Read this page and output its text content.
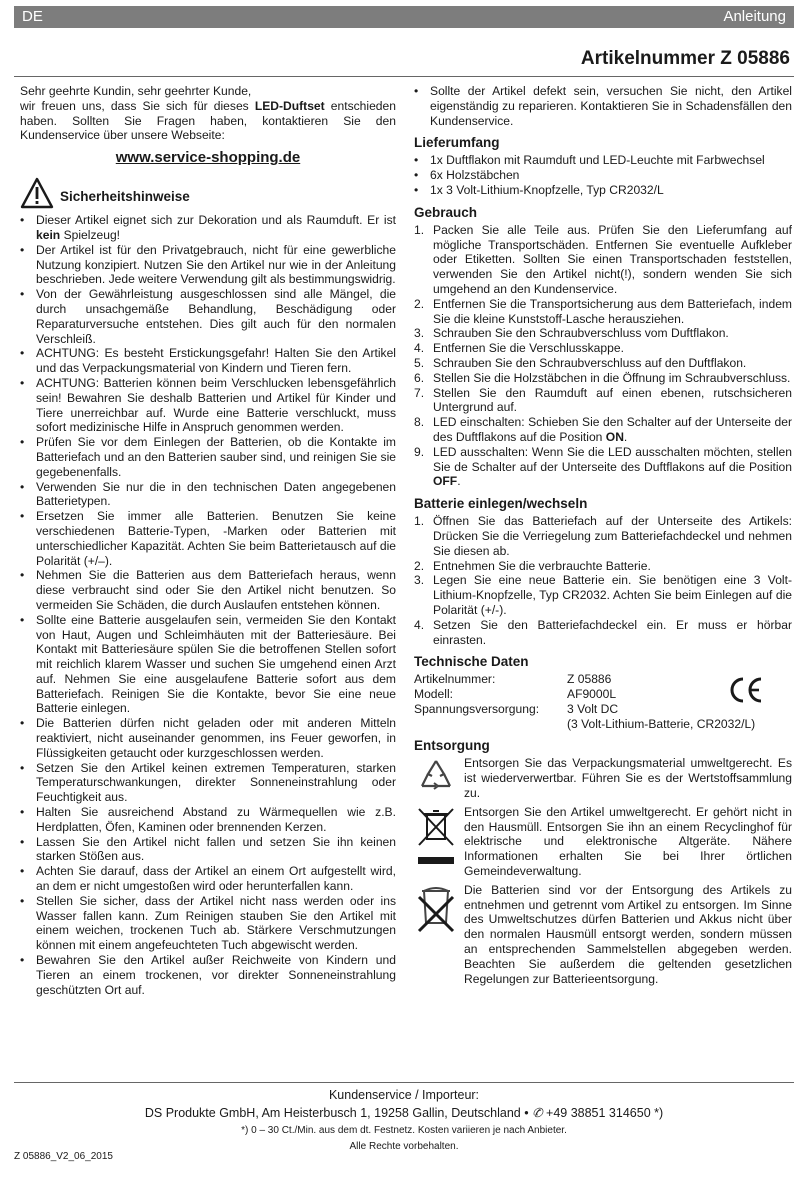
DE	Anleitung
Artikelnummer Z 05886

Sehr geehrte Kundin, sehr geehrter Kunde,

wir freuen uns, dass Sie sich für dieses LED-Duftset entschieden haben. Sollten Sie Fragen haben, kontaktieren Sie den Kundenservice über unsere Webseite:

www.service-shopping.de
Sicherheitshinweise
• Dieser Artikel eignet sich zur Dekoration und als Raumduft. Er ist kein Spielzeug!
• Der Artikel ist für den Privatgebrauch, nicht für eine gewerbliche Nutzung konzipiert. Nutzen Sie den Artikel nur wie in der Anleitung beschrieben. Jede weitere Verwendung gilt als bestimmungswidrig.
• Von der Gewährleistung ausgeschlossen sind alle Mängel, die durch unsachgemäße Behandlung, Beschädigung oder Reparaturversuche entstehen. Dies gilt auch für den normalen Verschleiß.
• ACHTUNG: Es besteht Erstickungsgefahr! Halten Sie den Artikel und das Verpackungsmaterial von Kindern und Tieren fern.
• ACHTUNG: Batterien können beim Verschlucken lebensgefährlich sein! Bewahren Sie deshalb Batterien und Artikel für Kinder und Tiere unerreichbar auf. Wurde eine Batterie verschluckt, muss sofort medizinische Hilfe in Anspruch genommen werden.
• Prüfen Sie vor dem Einlegen der Batterien, ob die Kontakte im Batteriefach und an den Batterien sauber sind, und reinigen Sie sie gegebenenfalls.
• Verwenden Sie nur die in den technischen Daten angegebenen Batterietypen.
• Ersetzen Sie immer alle Batterien. Benutzen Sie keine verschiedenen Batterie-Typen, -Marken oder Batterien mit unterschiedlicher Kapazität. Achten Sie beim Batterietausch auf die Polarität (+/–).
• Nehmen Sie die Batterien aus dem Batteriefach heraus, wenn diese verbraucht sind oder Sie den Artikel nicht benutzen. So vermeiden Sie Schäden, die durch Auslaufen entstehen können.
• Sollte eine Batterie ausgelaufen sein, vermeiden Sie den Kontakt von Haut, Augen und Schleimhäuten mit der Batteriesäure. Bei Kontakt mit Batteriesäure spülen Sie die betroffenen Stellen sofort mit reichlich klarem Wasser und suchen Sie umgehend einen Arzt auf. Nehmen Sie eine ausgelaufene Batterie sofort aus dem Batteriefach. Reinigen Sie die Kontakte, bevor Sie eine neue Batterie einlegen.
• Die Batterien dürfen nicht geladen oder mit anderen Mitteln reaktiviert, nicht auseinander genommen, ins Feuer geworfen, in Flüssigkeiten getaucht oder kurzgeschlossen werden.
• Setzen Sie den Artikel keinen extremen Temperaturen, starken Temperaturschwankungen, direkter Sonneneinstrahlung oder Feuchtigkeit aus.
• Halten Sie ausreichend Abstand zu Wärmequellen wie z.B. Herdplatten, Öfen, Kaminen oder brennenden Kerzen.
• Lassen Sie den Artikel nicht fallen und setzen Sie ihn keinen starken Stößen aus.
• Achten Sie darauf, dass der Artikel an einem Ort aufgestellt wird, an dem er nicht umgestoßen wird oder herunterfallen kann.
• Stellen Sie sicher, dass der Artikel nicht nass werden oder ins Wasser fallen kann. Zum Reinigen stauben Sie den Artikel mit einem weichen, trockenen Tuch ab. Stärkere Verschmutzungen können mit einem angefeuchteten Tuch abgewischt werden.
• Bewahren Sie den Artikel außer Reichweite von Kindern und Tieren an einem trockenen, vor direkter Sonneneinstrahlung geschützten Ort auf.
• Sollte der Artikel defekt sein, versuchen Sie nicht, den Artikel eigenständig zu reparieren. Kontaktieren Sie in Schadensfällen den Kundenservice.
Lieferumfang
• 1x Duftflakon mit Raumduft und LED-Leuchte mit Farbwechsel
• 6x Holzstäbchen
• 1x 3 Volt-Lithium-Knopfzelle, Typ CR2032/L
Gebrauch
1. Packen Sie alle Teile aus. Prüfen Sie den Lieferumfang auf mögliche Transportschäden. Entfernen Sie eventuelle Aufkleber oder Etiketten. Sollten Sie einen Transportschaden feststellen, verwenden Sie den Artikel nicht(!), sondern wenden Sie sich umgehend an den Kundenservice.
2. Entfernen Sie die Transportsicherung aus dem Batteriefach, indem Sie die kleine Kunststoff-Lasche herausziehen.
3. Schrauben Sie den Schraubverschluss vom Duftflakon.
4. Entfernen Sie die Verschlusskappe.
5. Schrauben Sie den Schraubverschluss auf den Duftflakon.
6. Stellen Sie die Holzstäbchen in die Öffnung im Schraubverschluss.
7. Stellen Sie den Raumduft auf einen ebenen, rutschsicheren Untergrund auf.
8. LED einschalten: Schieben Sie den Schalter auf der Unterseite der des Duftflakons auf die Position ON.
9. LED ausschalten: Wenn Sie die LED ausschalten möchten, stellen Sie de Schalter auf der Unterseite des Duftflakons auf die Position OFF.
Batterie einlegen/wechseln
1. Öffnen Sie das Batteriefach auf der Unterseite des Artikels: Drücken Sie die Verriegelung zum Batteriefachdeckel und nehmen Sie diesen ab.
2. Entnehmen Sie die verbrauchte Batterie.
3. Legen Sie eine neue Batterie ein. Sie benötigen eine 3 Volt-Lithium-Knopfzelle, Typ CR2032. Achten Sie beim Einlegen auf die Polarität (+/-).
4. Setzen Sie den Batteriefachdeckel ein. Er muss er hörbar einrasten.
Technische Daten
Artikelnummer:	Z 05886
Modell:	AF9000L
Spannungsversorgung:	3 Volt DC
(3 Volt-Lithium-Batterie, CR2032/L)
Entsorgung

Entsorgen Sie das Verpackungsmaterial umweltgerecht. Es ist wiederverwertbar. Führen Sie es der Wertstoffsammlung zu.

Entsorgen Sie den Artikel umweltgerecht. Er gehört nicht in den Hausmüll. Entsorgen Sie ihn an einem Recyclinghof für elektrische und elektronische Altgeräte. Nähere Informationen erhalten Sie bei Ihrer örtlichen Gemeindeverwaltung.

Die Batterien sind vor der Entsorgung des Artikels zu entnehmen und getrennt vom Artikel zu entsorgen. Im Sinne des Umweltschutzes dürfen Batterien und Akkus nicht über den normalen Hausmüll entsorgt werden, sondern müssen an entsprechenden Sammelstellen abgegeben werden. Beachten Sie außerdem die geltenden gesetzlichen Regelungen zur Batterieentsorgung.

Kundenservice / Importeur:
DS Produkte GmbH, Am Heisterbusch 1, 19258 Gallin, Deutschland • ✆ +49 38851 314650 *)
*) 0 – 30 Ct./Min. aus dem dt. Festnetz. Kosten variieren je nach Anbieter.
Alle Rechte vorbehalten.
Z 05886_V2_06_2015
